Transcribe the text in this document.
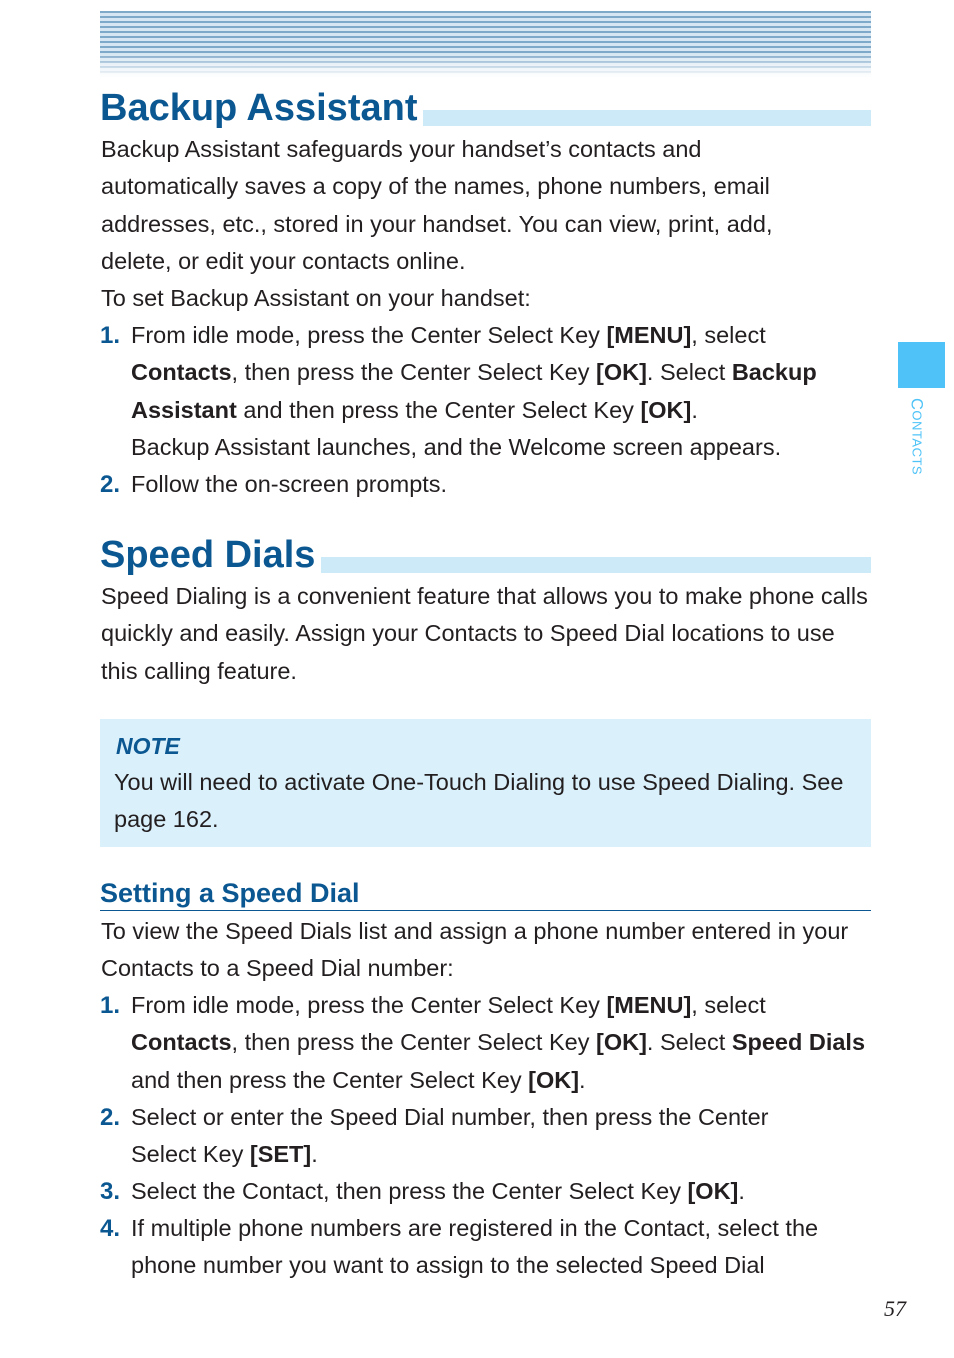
Backup Assistant

Backup Assistant safeguards your handset’s contacts and automatically saves a copy of the names, phone numbers, email addresses, etc., stored in your handset. You can view, print, add, delete, or edit your contacts online.

To set Backup Assistant on your handset:

1. From idle mode, press the Center Select Key [MENU], select
Contacts, then press the Center Select Key [OK]. Select Backup Assistant and then press the Center Select Key [OK].
Backup Assistant launches, and the Welcome screen appears.
2. Follow the on-screen prompts.
Speed Dials

Speed Dialing is a convenient feature that allows you to make phone calls quickly and easily. Assign your Contacts to Speed Dial locations to use this calling feature.

NOTE

You will need to activate One-Touch Dialing to use Speed Dialing. See page 162.

Setting a Speed Dial

To view the Speed Dials list and assign a phone number entered in your Contacts to a Speed Dial number:

1. From idle mode, press the Center Select Key [MENU], select
Contacts, then press the Center Select Key [OK]. Select Speed Dials and then press the Center Select Key [OK].
2. Select or enter the Speed Dial number, then press the Center Select Key [SET].
3. Select the Contact, then press the Center Select Key [OK].
4. If multiple phone numbers are registered in the Contact, select the phone number you want to assign to the selected Speed Dial
CONTACTS
57
